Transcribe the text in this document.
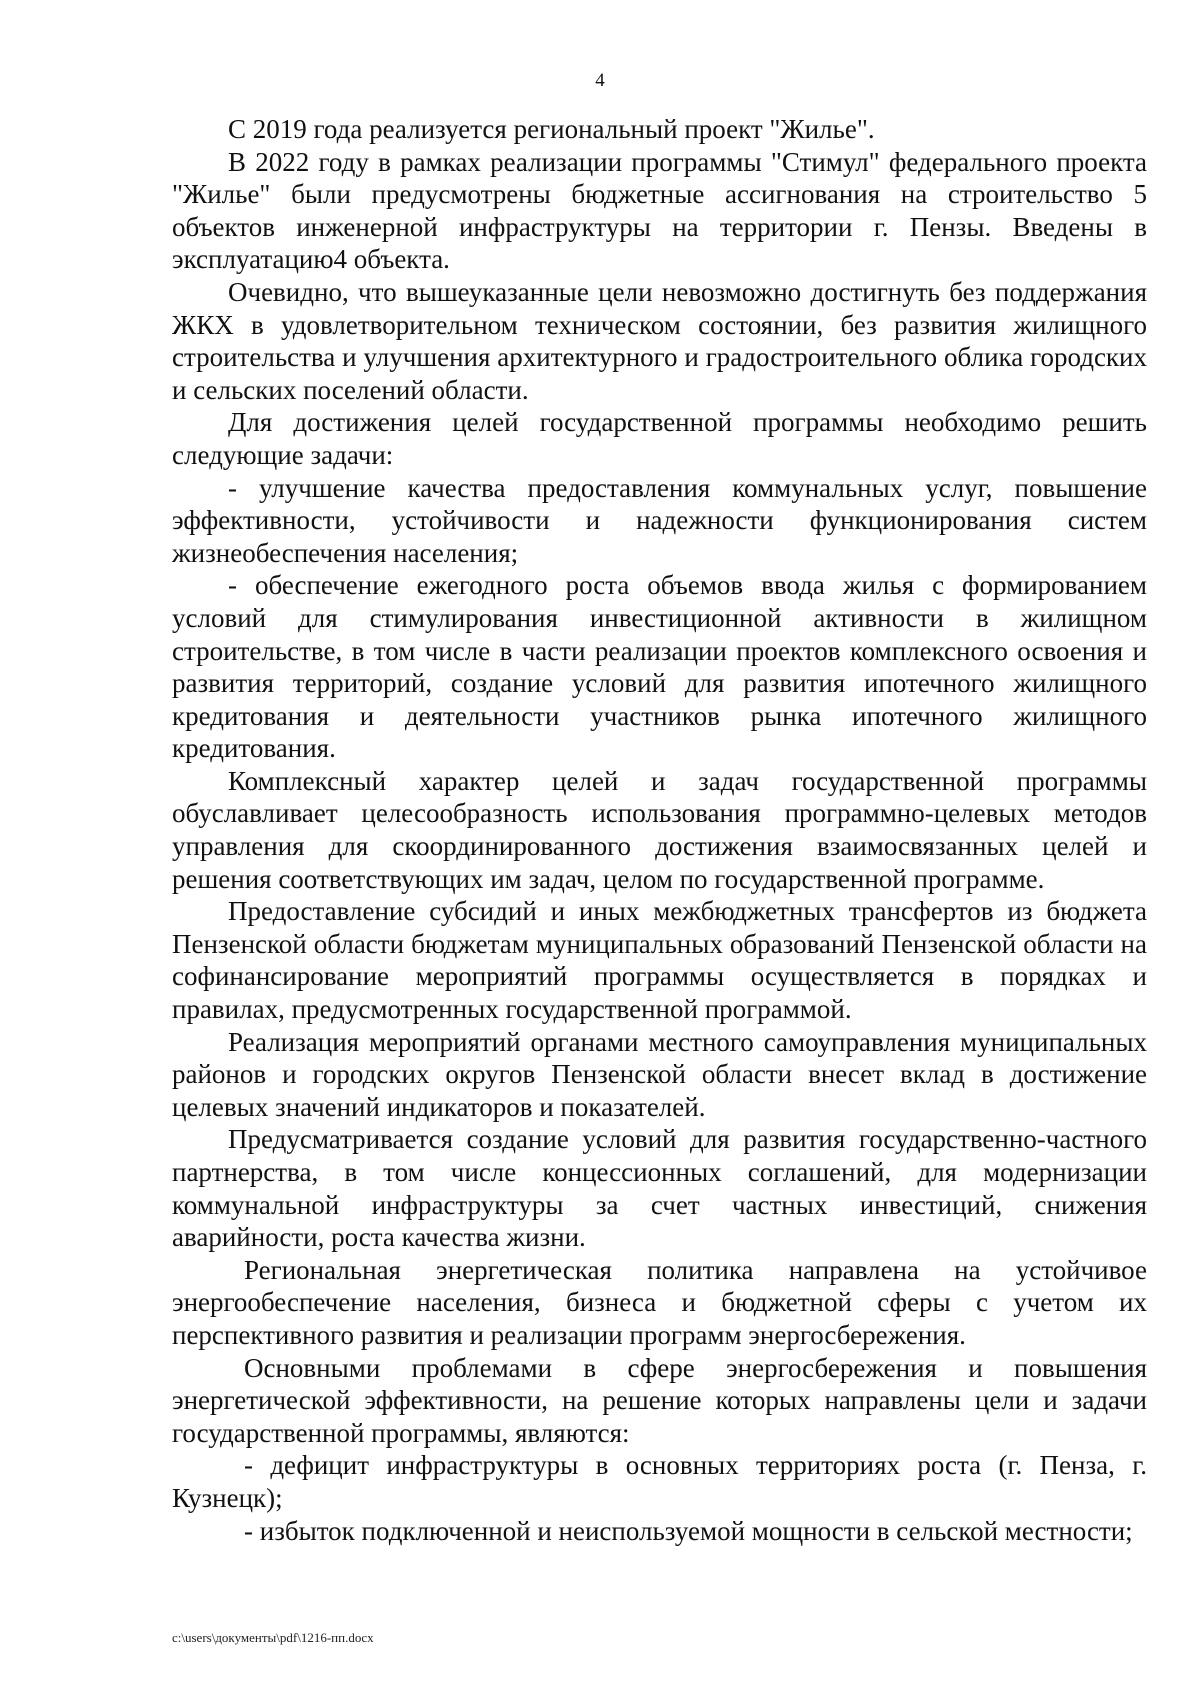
4

С 2019 года реализуется региональный проект "Жилье".

В 2022 году в рамках реализации программы "Стимул" федерального проекта "Жилье" были предусмотрены бюджетные ассигнования на строительство 5 объектов инженерной инфраструктуры на территории г. Пензы. Введены в эксплуатацию4 объекта.

Очевидно, что вышеуказанные цели невозможно достигнуть без поддержания ЖКХ в удовлетворительном техническом состоянии, без развития жилищного строительства и улучшения архитектурного и градостроительного облика городских и сельских поселений области.

Для достижения целей государственной программы необходимо решить следующие задачи:

- улучшение качества предоставления коммунальных услуг, повышение эффективности, устойчивости и надежности функционирования систем жизнеобеспечения населения;

- обеспечение ежегодного роста объемов ввода жилья с формированием условий для стимулирования инвестиционной активности в жилищном строительстве, в том числе в части реализации проектов комплексного освоения и развития территорий, создание условий для развития ипотечного жилищного кредитования и деятельности участников рынка ипотечного жилищного кредитования.

Комплексный характер целей и задач государственной программы обуславливает целесообразность использования программно-целевых методов управления для скоординированного достижения взаимосвязанных целей и решения соответствующих им задач, целом по государственной программе.

Предоставление субсидий и иных межбюджетных трансфертов из бюджета Пензенской области бюджетам муниципальных образований Пензенской области на софинансирование мероприятий программы осуществляется в порядках и правилах, предусмотренных государственной программой.

Реализация мероприятий органами местного самоуправления муниципальных районов и городских округов Пензенской области внесет вклад в достижение целевых значений индикаторов и показателей.

Предусматривается создание условий для развития государственно-частного партнерства, в том числе концессионных соглашений, для модернизации коммунальной инфраструктуры за счет частных инвестиций, снижения аварийности, роста качества жизни.

Региональная энергетическая политика направлена на устойчивое энергообеспечение населения, бизнеса и бюджетной сферы с учетом их перспективного развития и реализации программ энергосбережения.

Основными проблемами в сфере энергосбережения и повышения энергетической эффективности, на решение которых направлены цели и задачи государственной программы, являются:

- дефицит инфраструктуры в основных территориях роста (г. Пенза, г. Кузнецк);

- избыток подключенной и неиспользуемой мощности в сельской местности;

c:\users\документы\pdf\1216-пп.docx
